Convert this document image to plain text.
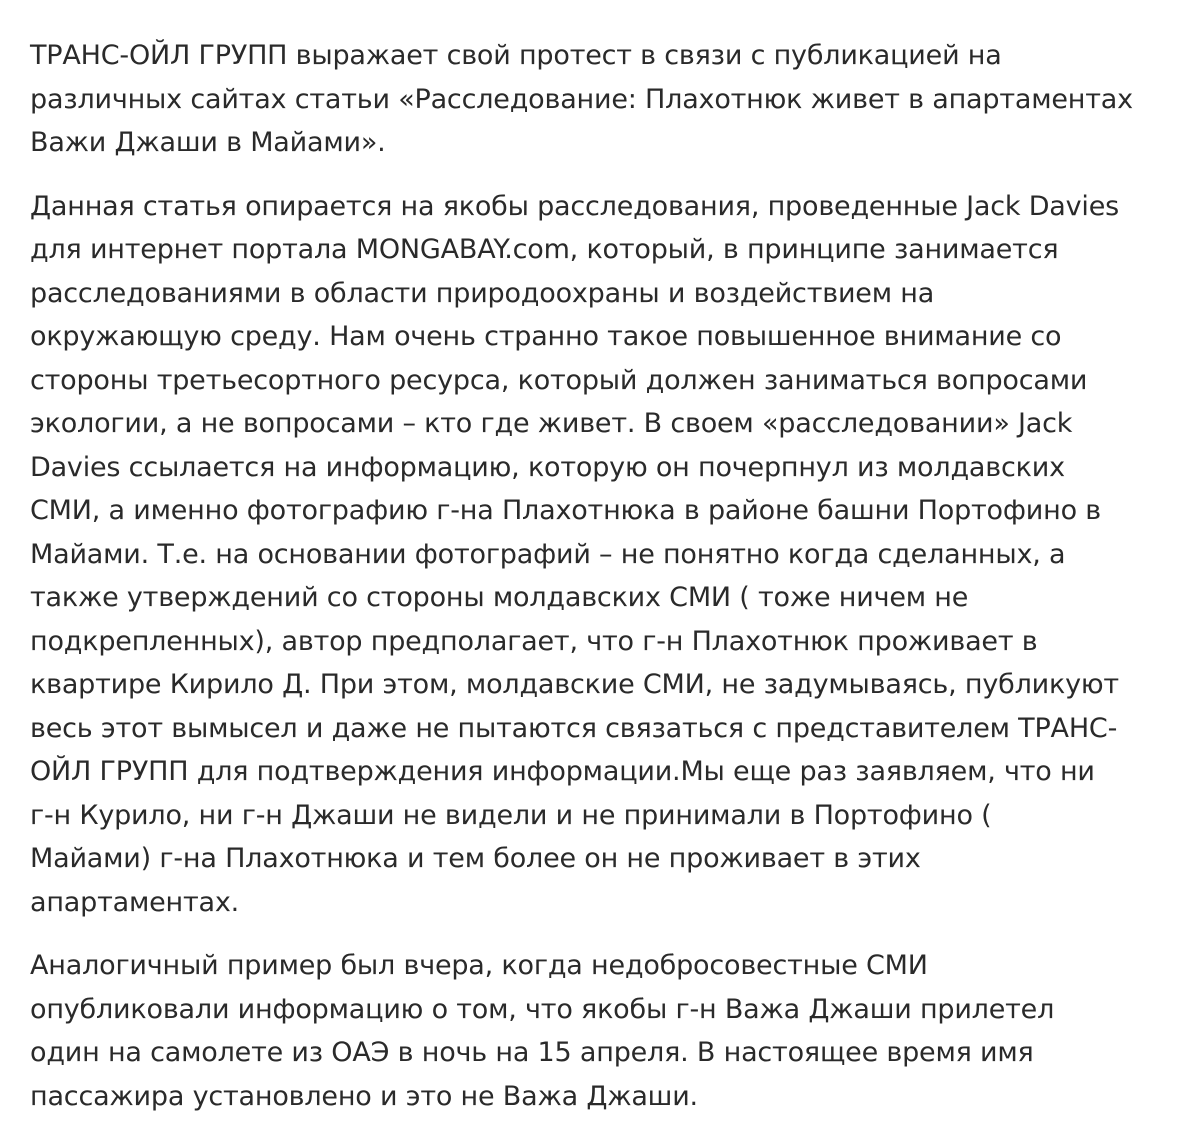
ТРАНС-ОЙЛ ГРУПП выражает свой протест в связи с публикацией на
различных сайтах статьи «Расследование: Плахотнюк живет в апартаментах
Важи Джаши в Майами».

Данная статья опирается на якобы расследования, проведенные Jack Davies
для интернет портала MONGABAY.com, который, в принципе занимается
расследованиями в области природоохраны и воздействием на
окружающую среду. Нам очень странно такое повышенное внимание со
стороны третьесортного ресурса, который должен заниматься вопросами
экологии, а не вопросами – кто где живет. В своем «расследовании» Jack
Davies ссылается на информацию, которую он почерпнул из молдавских
СМИ, а именно фотографию г-на Плахотнюка в районе башни Портофино в
Майами. Т.е. на основании фотографий – не понятно когда сделанных, а
также утверждений со стороны молдавских СМИ ( тоже ничем не
подкрепленных), автор предполагает, что г-н Плахотнюк проживает в
квартире Кирило Д. При этом, молдавские СМИ, не задумываясь, публикуют
весь этот вымысел и даже не пытаются связаться с представителем ТРАНС-
ОЙЛ ГРУПП для подтверждения информации.Мы еще раз заявляем, что ни
г-н Курило, ни г-н Джаши не видели и не принимали в Портофино (
Майами) г-на Плахотнюка и тем более он не проживает в этих
апартаментах.

Аналогичный пример был вчера, когда недобросовестные СМИ
опубликовали информацию о том, что якобы г-н Важа Джаши прилетел
один на самолете из ОАЭ в ночь на 15 апреля. В настоящее время имя
пассажира установлено и это не Важа Джаши.
